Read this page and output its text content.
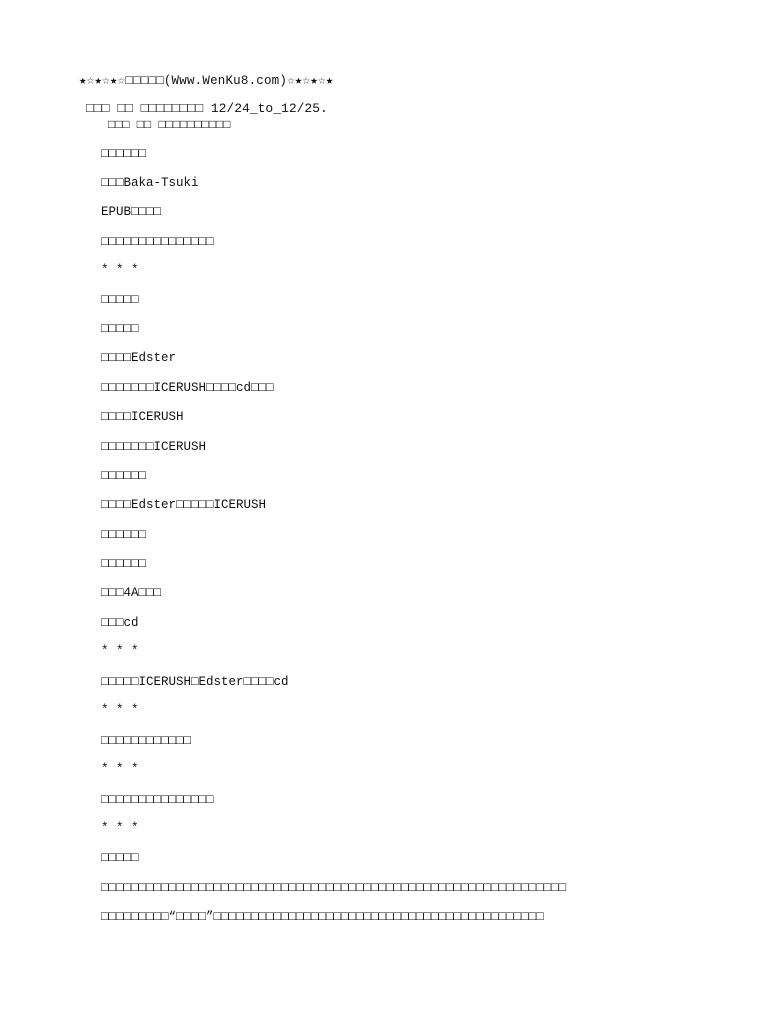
★☆★☆★☆□□□□□(Www.WenKu8.com)☆★☆★☆★
□□□ □□ □□□□□□□□ 12/24_to_12/25.
□□□ □□ □□□□□□□□□□
□□□□□□
□□□Baka-Tsuki
EPUB□□□□
□□□□□□□□□□□□□□□
* * *
□□□□□
□□□□□
□□□□Edster
□□□□□□□ICERUSH□□□□cd□□□
□□□□ICERUSH
□□□□□□□ICERUSH
□□□□□□
□□□□Edster□□□□□ICERUSH
□□□□□□
□□□□□□
□□□4A□□□
□□□cd
* * *
□□□□□ICERUSH□Edster□□□□cd
* * *
□□□□□□□□□□□□
* * *
□□□□□□□□□□□□□□□
* * *
□□□□□
□□□□□□□□□□□□□□□□□□□□□□□□□□□□□□□□□□□□□□□□□□□□□□□□□□□□□□□□□□□□□□
□□□□□□□□□“□□□□”□□□□□□□□□□□□□□□□□□□□□□□□□□□□□□□□□□□□□□□□□□□□
